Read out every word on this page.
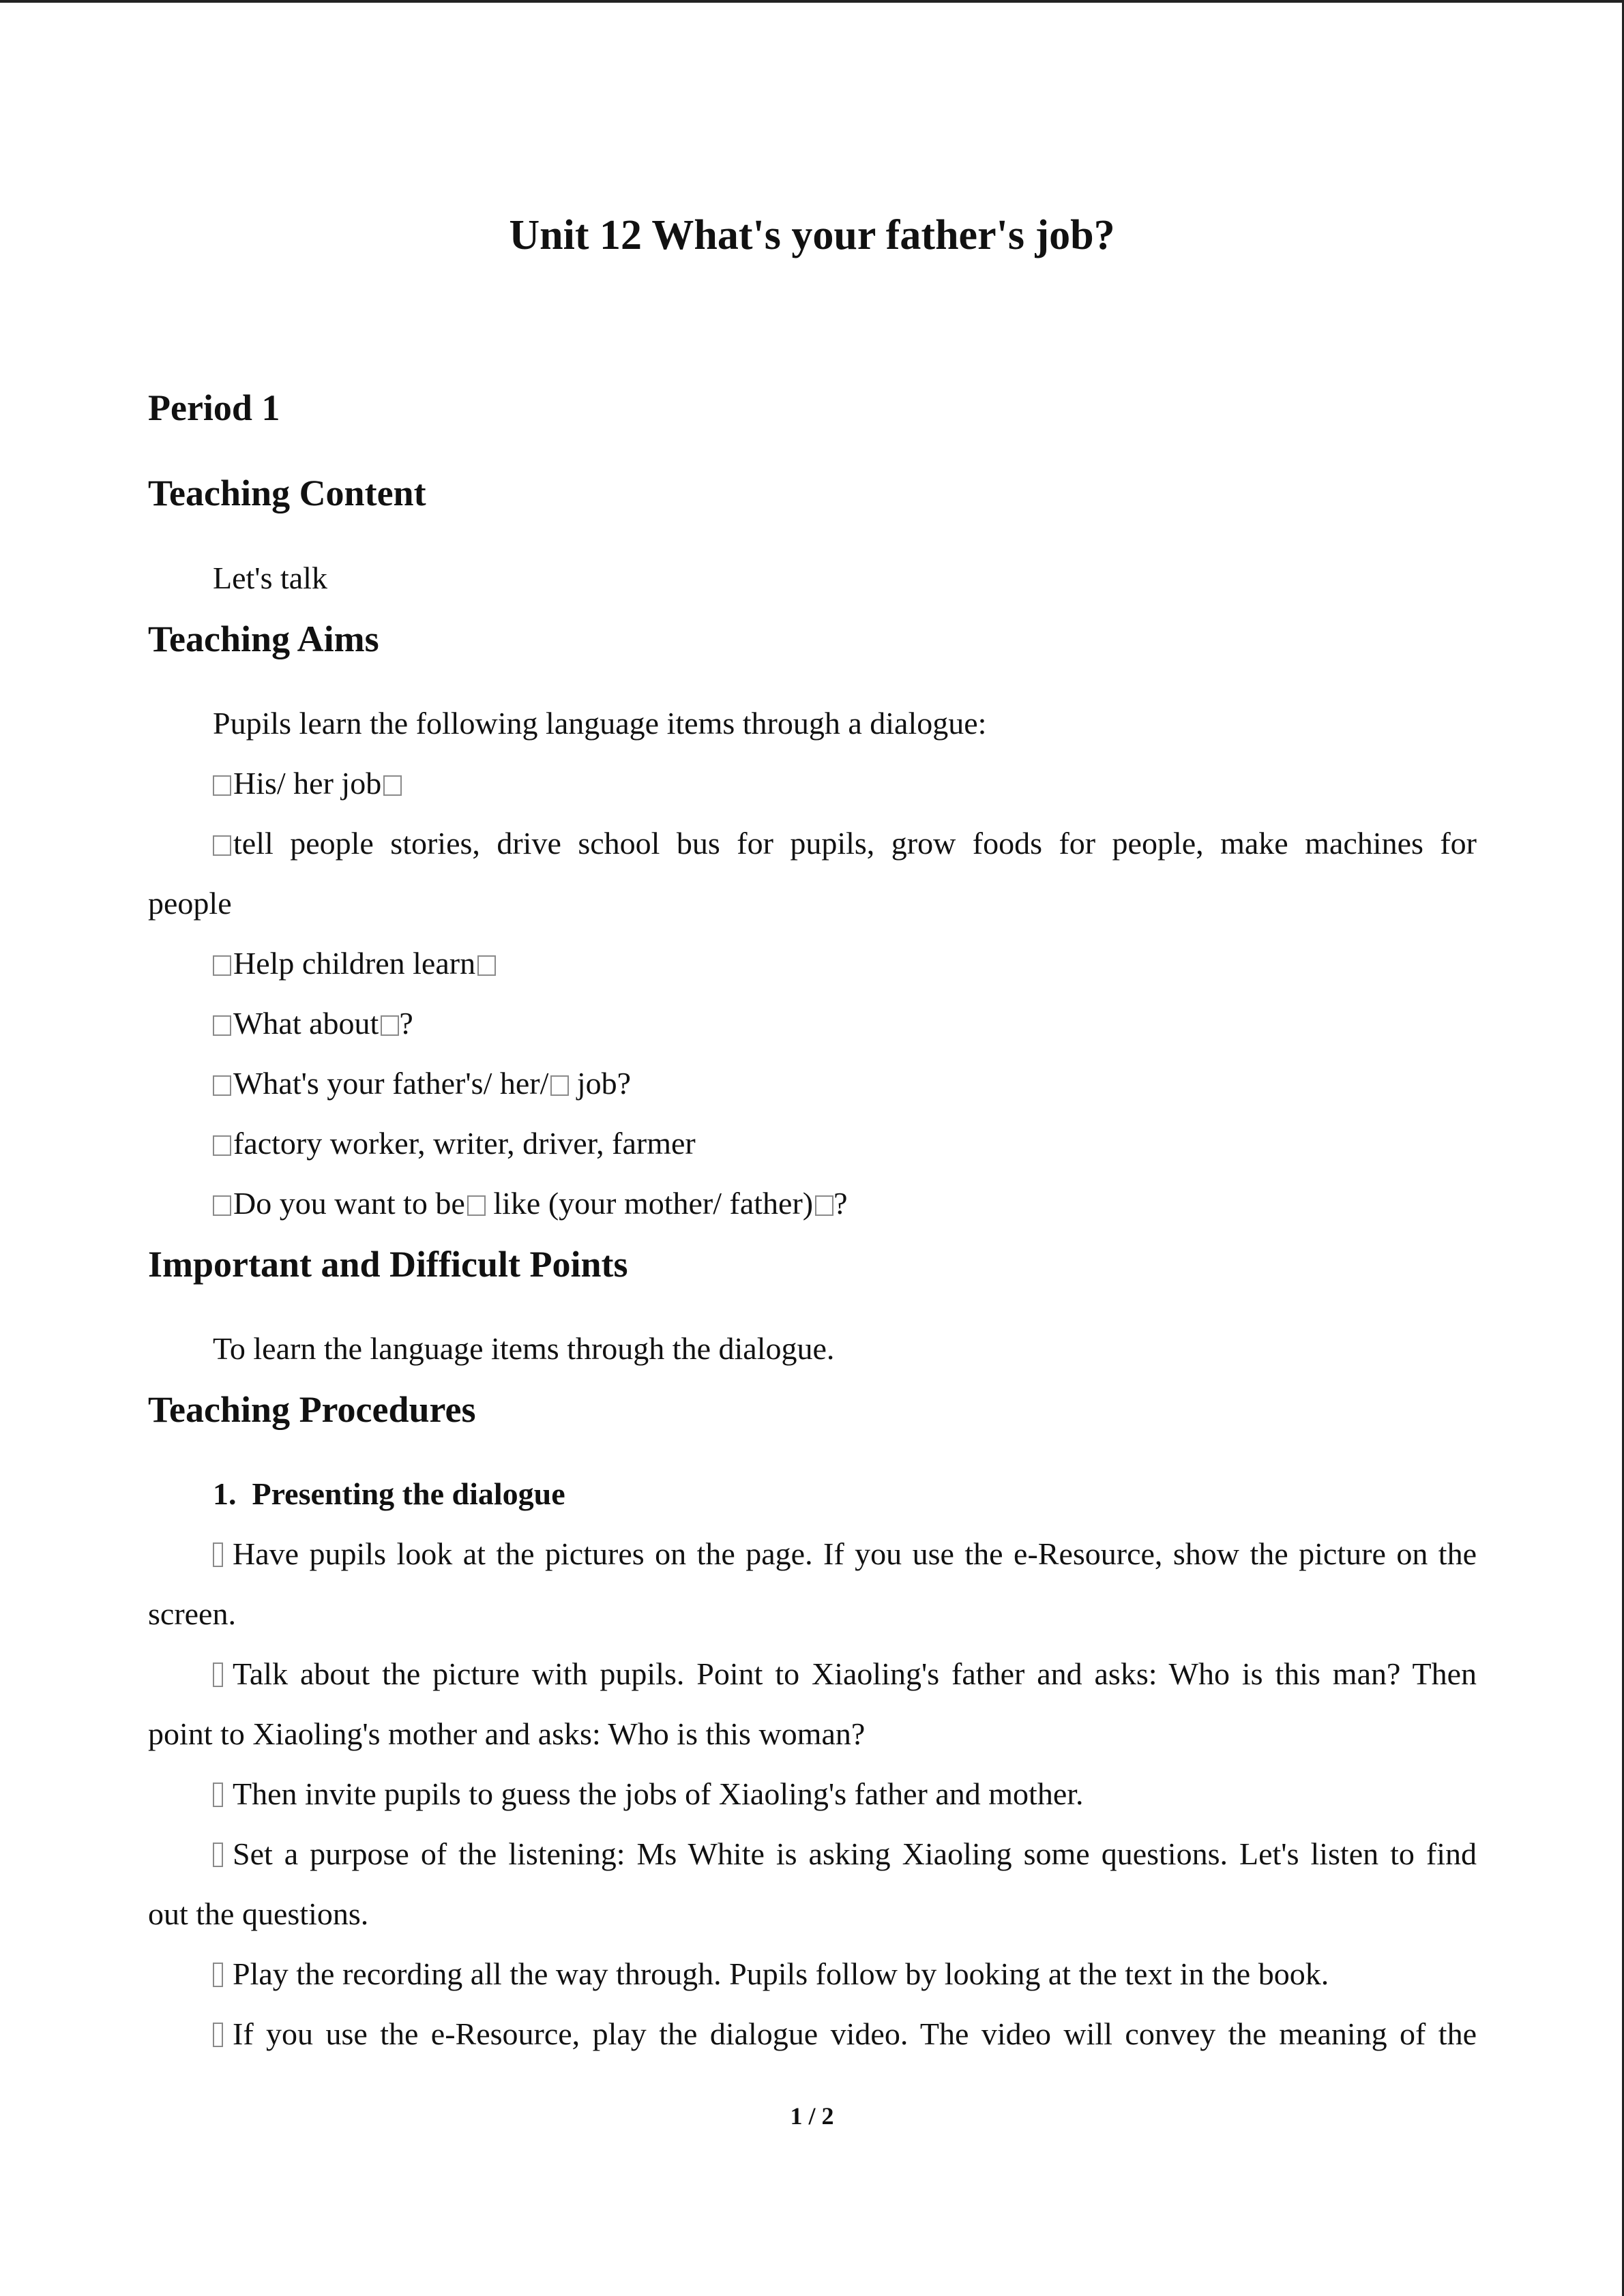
Unit 12 What's your father's job?
Period 1
Teaching Content
Let's talk
Teaching Aims
Pupils learn the following language items through a dialogue:
His/ her job
tell people stories, drive school bus for pupils, grow foods for people, make machines for
people
Help children learn
What about ?
What's your father's/ her/ job?
factory worker, writer, driver, farmer
Do you want to be like (your mother/ father) ?
Important and Difficult Points
To learn the language items through the dialogue.
Teaching Procedures
1. Presenting the dialogue
Have pupils look at the pictures on the page. If you use the e-Resource, show the picture on the
screen.
Talk about the picture with pupils. Point to Xiaoling's father and asks: Who is this man? Then
point to Xiaoling's mother and asks: Who is this woman?
Then invite pupils to guess the jobs of Xiaoling's father and mother.
Set a purpose of the listening: Ms White is asking Xiaoling some questions. Let's listen to find
out the questions.
Play the recording all the way through. Pupils follow by looking at the text in the book.
If you use the e-Resource, play the dialogue video. The video will convey the meaning of the
1 / 2
